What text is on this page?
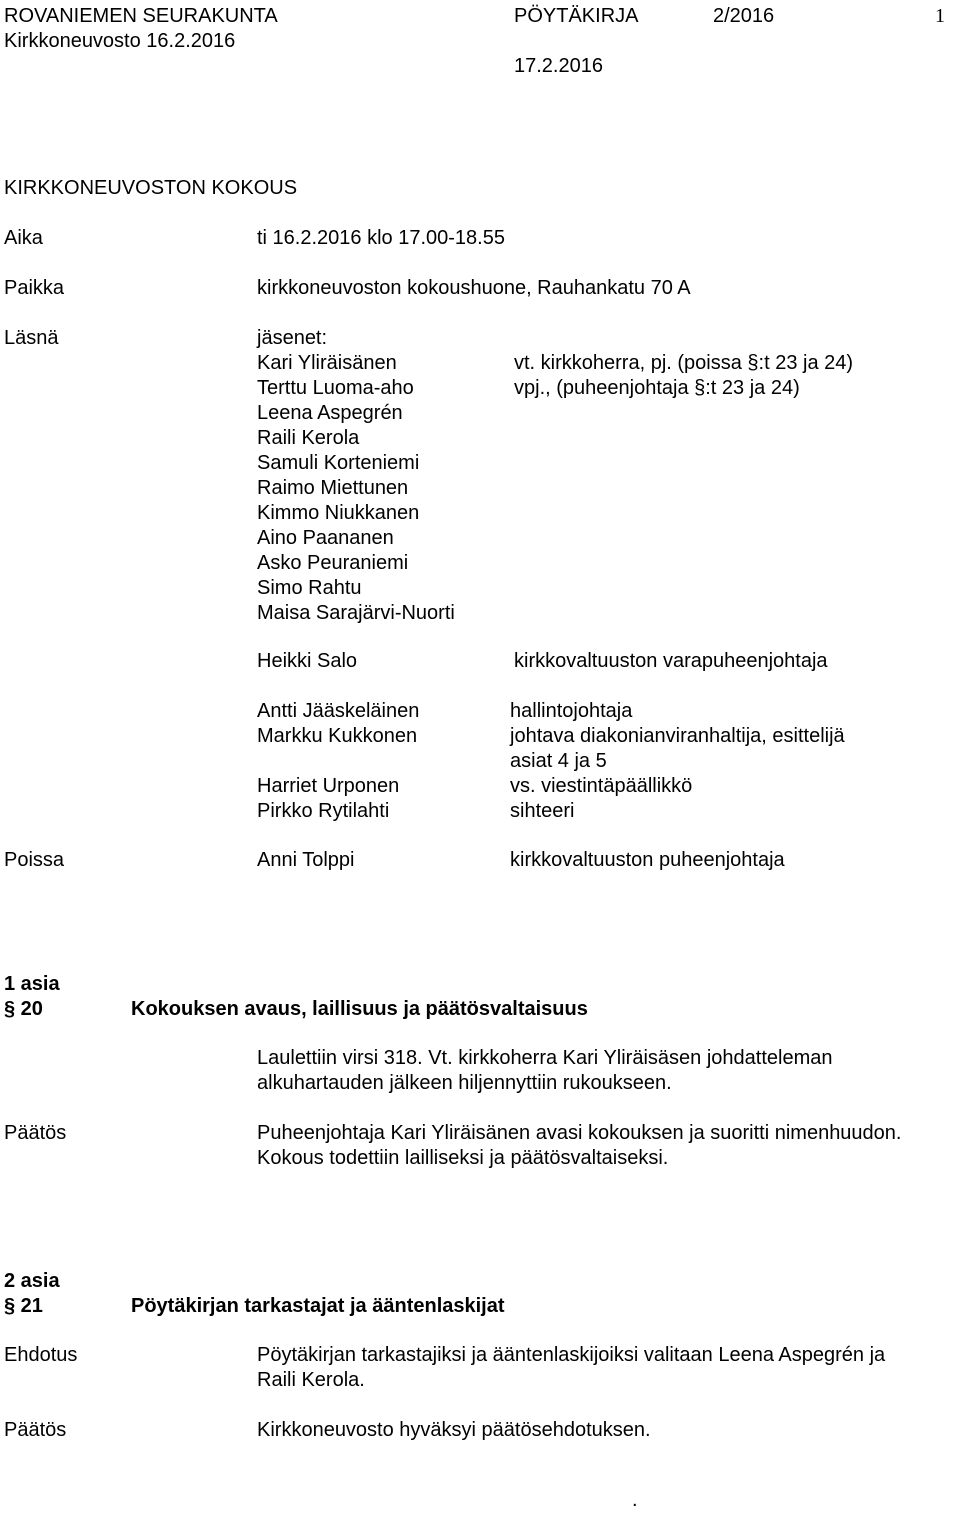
ROVANIEMEN SEURAKUNTA
Kirkkoneuvosto 16.2.2016
PÖYTÄKIRJA	2/2016	1
17.2.2016
KIRKKONEUVOSTON KOKOUS
Aika	ti 16.2.2016 klo 17.00-18.55
Paikka	kirkkoneuvoston kokoushuone, Rauhankatu 70 A
Läsnä	jäsenet:
Kari Yliräisänen	vt. kirkkoherra, pj. (poissa §:t 23 ja 24)
Terttu Luoma-aho	vpj., (puheenjohtaja §:t 23 ja 24)
Leena Aspegrén
Raili Kerola
Samuli Korteniemi
Raimo Miettunen
Kimmo Niukkanen
Aino Paananen
Asko Peuraniemi
Simo Rahtu
Maisa Sarajärvi-Nuorti
Heikki Salo	kirkkovaltuuston varapuheenjohtaja
Antti Jääskeläinen	hallintojohtaja
Markku Kukkonen	johtava diakonianviranhaltija, esittelijä
asiat 4 ja 5
Harriet Urponen	vs. viestintäpäällikkö
Pirkko Rytilahti	sihteeri
Poissa	Anni Tolppi	kirkkovaltuuston puheenjohtaja
1 asia
§ 20	Kokouksen avaus, laillisuus ja päätösvaltaisuus
Laulettiin virsi 318. Vt. kirkkoherra Kari Yliräisäsen johdatteleman
alkuhartauden jälkeen hiljennyttiin rukoukseen.
Päätös	Puheenjohtaja Kari Yliräisänen avasi kokouksen ja suoritti nimenhuudon.
Kokous todettiin lailliseksi ja päätösvaltaiseksi.
2 asia
§ 21	Pöytäkirjan tarkastajat ja ääntenlaskijat
Ehdotus	Pöytäkirjan tarkastajiksi ja ääntenlaskijoiksi valitaan Leena Aspegrén ja
Raili Kerola.
Päätös	Kirkkoneuvosto hyväksyi päätösehdotuksen.
.
